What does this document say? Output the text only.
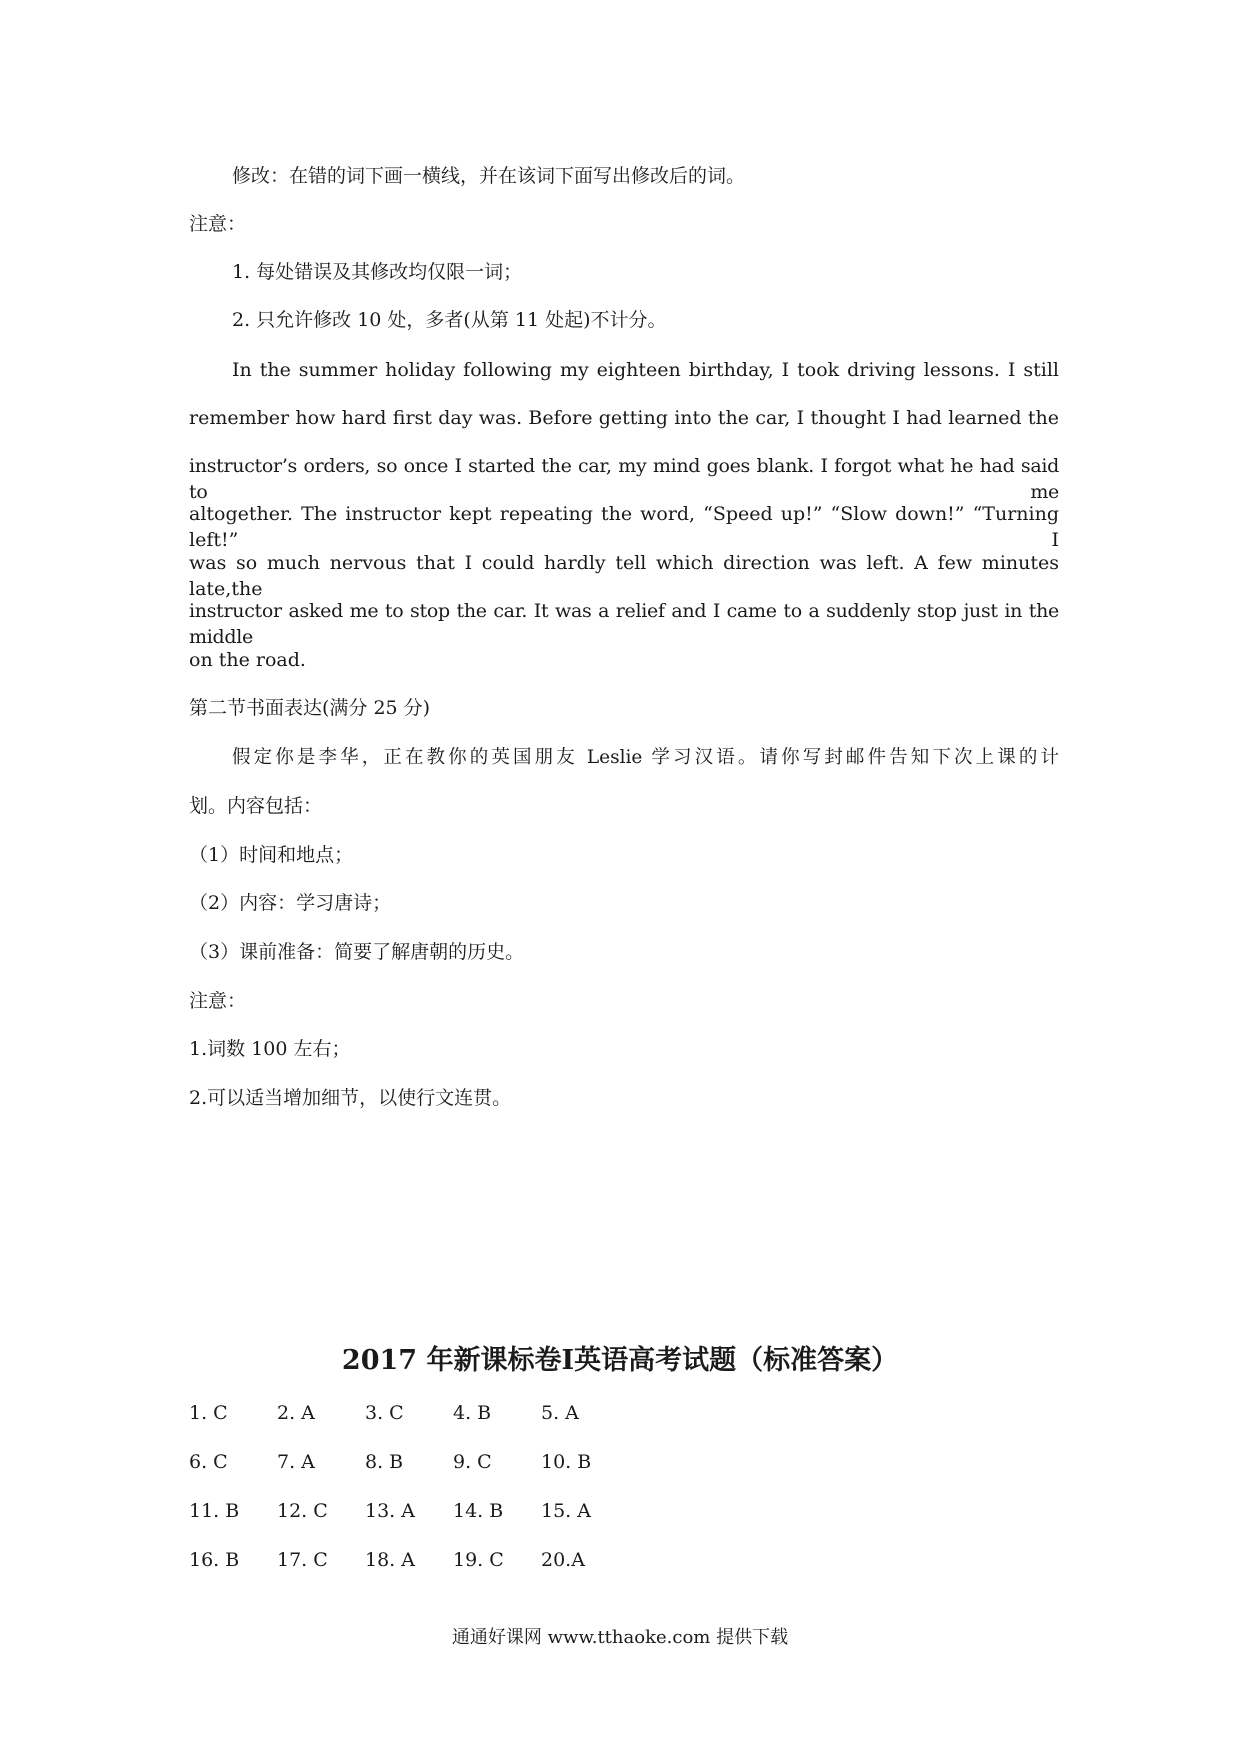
修改：在错的词下画一横线，并在该词下面写出修改后的词。
注意：
1. 每处错误及其修改均仅限一词；
2. 只允许修改 10 处，多者(从第 11 处起)不计分。
In the summer holiday following my eighteen birthday, I took driving lessons. I still
remember how hard first day was. Before getting into the car, I thought I had learned the
instructor’s orders, so once I started the car, my mind goes blank. I forgot what he had said to me
altogether. The instructor kept repeating the word, “Speed up!” “Slow down!” “Turning left!” I
was so much nervous that I could hardly tell which direction was left. A few minutes late,the
instructor asked me to stop the car. It was a relief and I came to a suddenly stop just in the middle
on the road.
第二节书面表达(满分 25 分)
假定你是李华，正在教你的英国朋友 Leslie 学习汉语。请你写封邮件告知下次上课的计
划。内容包括：
（1）时间和地点；
（2）内容：学习唐诗；
（3）课前准备：简要了解唐朝的历史。
注意：
1.词数 100 左右；
2.可以适当增加细节，以使行文连贯。
2017 年新课标卷Ⅰ英语高考试题（标准答案）
1. C	2. A	3. C	4. B	5. A
6. C	7. A	8. B	9. C	10. B
11. B	12. C	13. A	14. B	15. A
16. B	17. C	18. A	19. C	20.A
通通好课网 www.tthaoke.com 提供下载
